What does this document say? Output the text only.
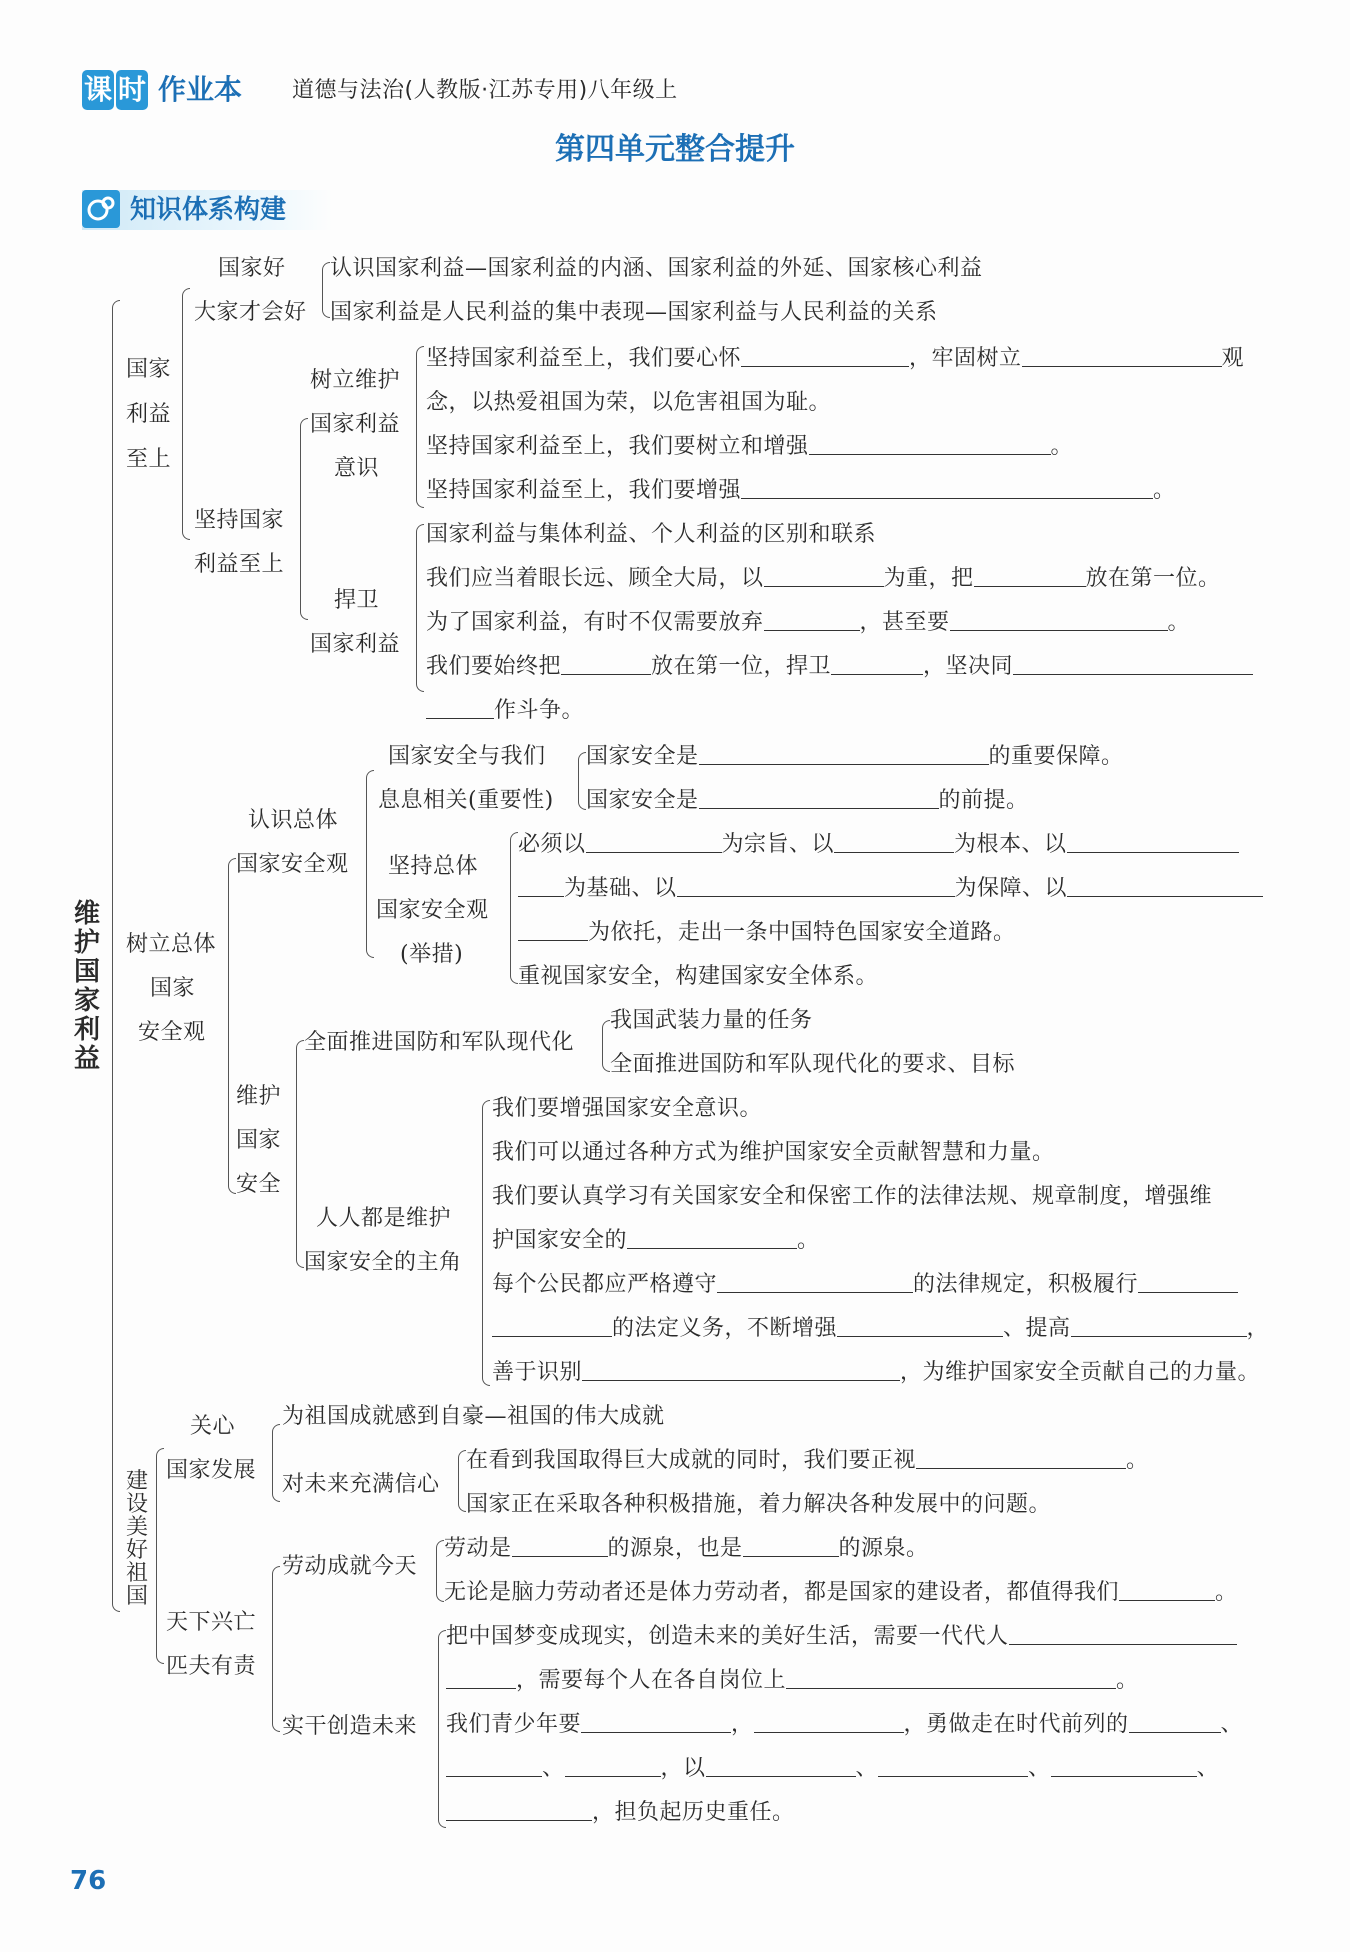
课 时 作业本 道德与法治(人教版·江苏专用)八年级上
第四单元整合提升
知识体系构建
维
护
国
家
利
益
国家
利益
至上
国家好
大家才会好
认识国家利益—国家利益的内涵、国家利益的外延、国家核心利益
国家利益是人民利益的集中表现—国家利益与人民利益的关系
坚持国家
利益至上
树立维护
国家利益
意识
坚持国家利益至上，我们要心怀	，牢固树立	观
念，以热爱祖国为荣，以危害祖国为耻。
坚持国家利益至上，我们要树立和增强	。
坚持国家利益至上，我们要增强	。
捍卫
国家利益
国家利益与集体利益、个人利益的区别和联系
我们应当着眼长远、顾全大局，以	为重，把	放在第一位。
为了国家利益，有时不仅需要放弃	，甚至要	。
我们要始终把	放在第一位，捍卫	，坚决同
作斗争。
树立总体
国家
安全观
认识总体
国家安全观
国家安全与我们
息息相关(重要性)
国家安全是	的重要保障。
国家安全是	的前提。
坚持总体
国家安全观
(举措)
必须以	为宗旨、以	为根本、以
为基础、以	为保障、以
为依托，走出一条中国特色国家安全道路。
重视国家安全，构建国家安全体系。
维护
国家
安全
全面推进国防和军队现代化
我国武装力量的任务
全面推进国防和军队现代化的要求、目标
人人都是维护
国家安全的主角
我们要增强国家安全意识。
我们可以通过各种方式为维护国家安全贡献智慧和力量。
我们要认真学习有关国家安全和保密工作的法律法规、规章制度，增强维
护国家安全的	。
每个公民都应严格遵守	的法律规定，积极履行
的法定义务，不断增强	、提高	，
善于识别	，为维护国家安全贡献自己的力量。
建
设
美
好
祖
国
关心
国家发展
为祖国成就感到自豪—祖国的伟大成就
对未来充满信心
在看到我国取得巨大成就的同时，我们要正视	。
国家正在采取各种积极措施，着力解决各种发展中的问题。
天下兴亡
匹夫有责
劳动成就今天
劳动是	的源泉，也是	的源泉。
无论是脑力劳动者还是体力劳动者，都是国家的建设者，都值得我们	。
实干创造未来
把中国梦变成现实，创造未来的美好生活，需要一代代人
，需要每个人在各自岗位上	。
我们青少年要	，	，勇做走在时代前列的	、
、	，以	、	、	、
，担负起历史重任。
76
